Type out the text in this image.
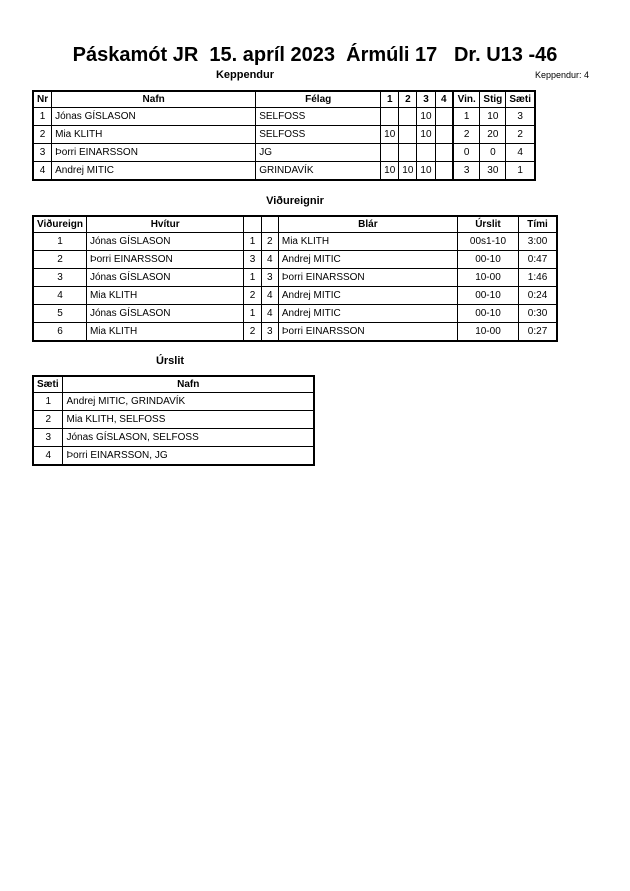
Páskamót JR  15. apríl 2023  Ármúli 17   Dr. U13 -46
Keppendur	Keppendur: 4
Nr	Nafn	Félag	1	2	3	4	Vin.	Stig	Sæti
1	Jónas GÍSLASON	SELFOSS			10		1	10	3
2	Mia KLITH	SELFOSS	10		10		2	20	2
3	Þorri EINARSSON	JG					0	0	4
4	Andrej MITIC	GRINDAVÍK	10	10	10		3	30	1
Viðureignir
Viðureign	Hvítur			Blár	Úrslit	Tími
1	Jónas GÍSLASON	1	2	Mia KLITH	00s1-10	3:00
2	Þorri EINARSSON	3	4	Andrej MITIC	00-10	0:47
3	Jónas GÍSLASON	1	3	Þorri EINARSSON	10-00	1:46
4	Mia KLITH	2	4	Andrej MITIC	00-10	0:24
5	Jónas GÍSLASON	1	4	Andrej MITIC	00-10	0:30
6	Mia KLITH	2	3	Þorri EINARSSON	10-00	0:27
Úrslit
Sæti	Nafn
1	Andrej MITIC, GRINDAVÍK
2	Mia KLITH, SELFOSS
3	Jónas GÍSLASON, SELFOSS
4	Þorri EINARSSON, JG
